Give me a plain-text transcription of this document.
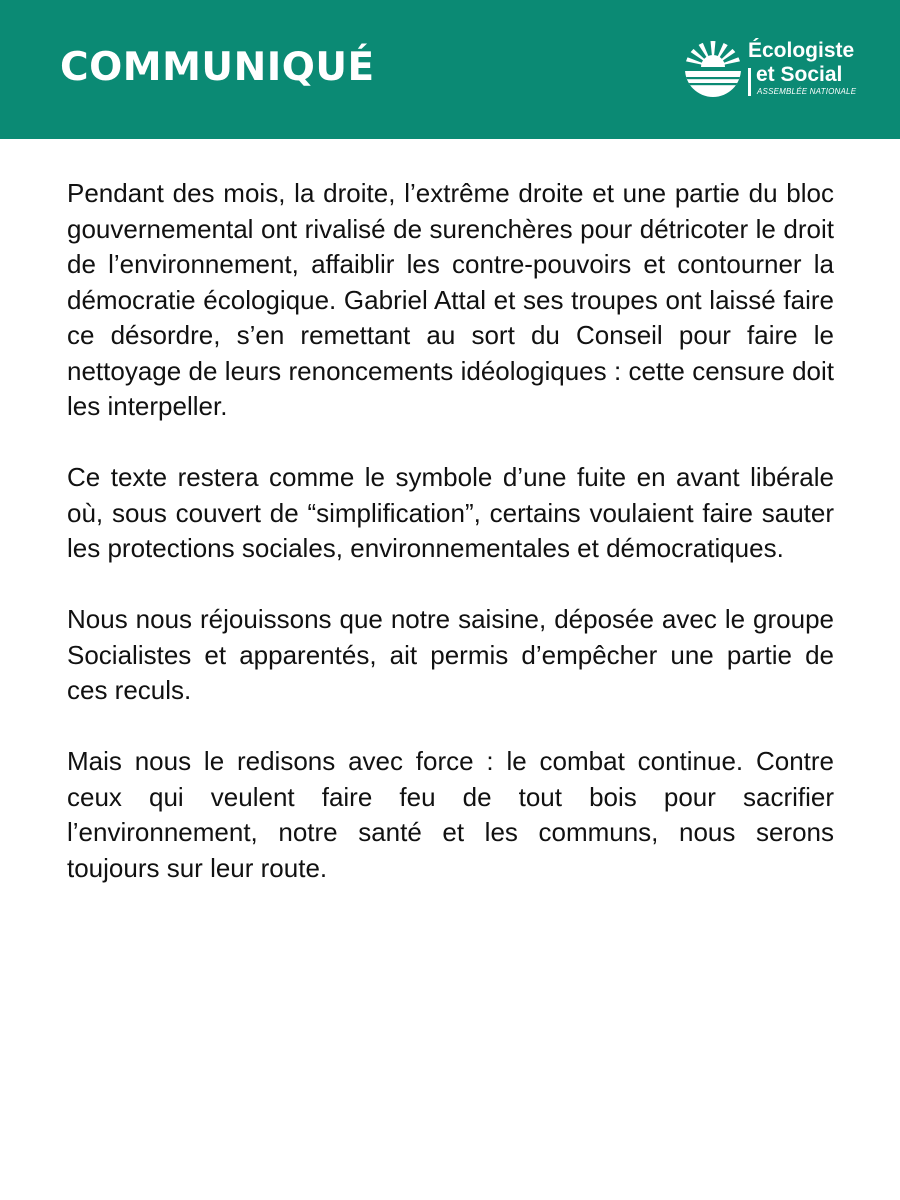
COMMUNIQUÉ	Écologiste
et Social
ASSEMBLÉE NATIONALE

Pendant des mois, la droite, l’extrême droite et une partie du bloc gouvernemental ont rivalisé de surenchères pour détricoter le droit de l’environnement, affaiblir les contre-pouvoirs et contourner la démocratie écologique. Gabriel Attal et ses troupes ont laissé faire ce désordre, s’en remettant au sort du Conseil pour faire le nettoyage de leurs renoncements idéologiques : cette censure doit les interpeller.

Ce texte restera comme le symbole d’une fuite en avant libérale où, sous couvert de “simplification”, certains voulaient faire sauter les protections sociales, environnementales et démocratiques.

Nous nous réjouissons que notre saisine, déposée avec le groupe Socialistes et apparentés, ait permis d’empêcher une partie de ces reculs.

Mais nous le redisons avec force : le combat continue. Contre ceux qui veulent faire feu de tout bois pour sacrifier l’environnement, notre santé et les communs, nous serons toujours sur leur route.
